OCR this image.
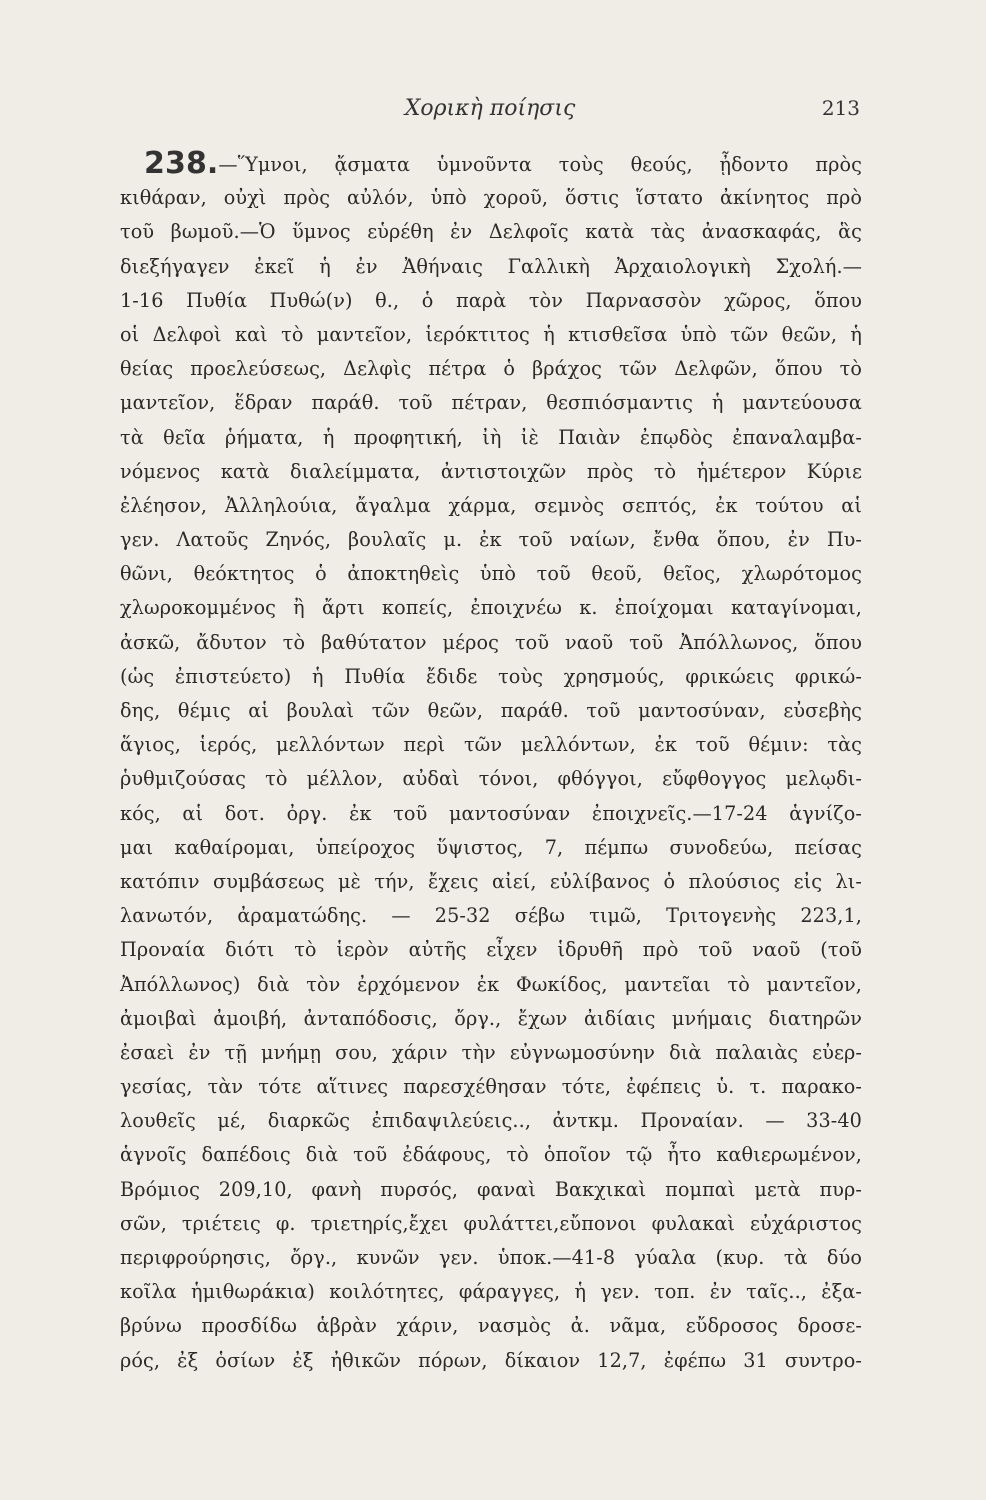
Χορικὴ ποίησις	213
238.—Ὕμνοι, ᾄσματα ὑμνοῦντα τοὺς θεούς, ᾖδοντο πρὸς
κιθάραν, οὐχὶ πρὸς αὐλόν, ὑπὸ χοροῦ, ὅστις ἵστατο ἀκίνητος πρὸ
τοῦ βωμοῦ.—Ὁ ὕμνος εὑρέθη ἐν Δελφοῖς κατὰ τὰς ἀνασκαφάς, ἃς
διεξήγαγεν ἐκεῖ ἡ ἐν Ἀθήναις Γαλλικὴ Ἀρχαιολογικὴ Σχολή.—
1-16 Πυθία Πυθώ(ν) θ., ὁ παρὰ τὸν Παρνασσὸν χῶρος, ὅπου
οἱ Δελφοὶ καὶ τὸ μαντεῖον, ἱερόκτιτος ἡ κτισθεῖσα ὑπὸ τῶν θεῶν, ἡ
θείας προελεύσεως, Δελφὶς πέτρα ὁ βράχος τῶν Δελφῶν, ὅπου τὸ
μαντεῖον, ἕδραν παράθ. τοῦ πέτραν, θεσπιόσμαντις ἡ μαντεύουσα
τὰ θεῖα ῥήματα, ἡ προφητική, ἰὴ ἰὲ Παιὰν ἐπῳδὸς ἐπαναλαμβα-
νόμενος κατὰ διαλείμματα, ἀντιστοιχῶν πρὸς τὸ ἡμέτερον Κύριε
ἐλέησον, Ἀλληλούια, ἄγαλμα χάρμα, σεμνὸς σεπτός, ἐκ τούτου αἱ
γεν. Λατοῦς Ζηνός, βουλαῖς μ. ἐκ τοῦ ναίων, ἔνθα ὅπου, ἐν Πυ-
θῶνι, θεόκτητος ὁ ἀποκτηθεὶς ὑπὸ τοῦ θεοῦ, θεῖος, χλωρότομος
χλωροκομμένος ἢ ἄρτι κοπείς, ἐποιχνέω κ. ἐποίχομαι καταγίνομαι,
ἀσκῶ, ἄδυτον τὸ βαθύτατον μέρος τοῦ ναοῦ τοῦ Ἀπόλλωνος, ὅπου
(ὡς ἐπιστεύετο) ἡ Πυθία ἔδιδε τοὺς χρησμούς, φρικώεις φρικώ-
δης, θέμις αἱ βουλαὶ τῶν θεῶν, παράθ. τοῦ μαντοσύναν, εὐσεβὴς
ἅγιος, ἱερός, μελλόντων περὶ τῶν μελλόντων, ἐκ τοῦ θέμιν: τὰς
ῥυθμιζούσας τὸ μέλλον, αὐδαὶ τόνοι, φθόγγοι, εὔφθογγος μελῳδι-
κός, αἱ δοτ. ὀργ. ἐκ τοῦ μαντοσύναν ἐποιχνεῖς.—17-24 ἁγνίζο-
μαι καθαίρομαι, ὑπείροχος ὕψιστος, 7, πέμπω συνοδεύω, πείσας
κατόπιν συμβάσεως μὲ τήν, ἔχεις αἰεί, εὐλίβανος ὁ πλούσιος εἰς λι-
λανωτόν, ἀραματώδης. — 25-32 σέβω τιμῶ, Τριτογενὴς 223,1,
Προναία διότι τὸ ἱερὸν αὐτῆς εἶχεν ἱδρυθῆ πρὸ τοῦ ναοῦ (τοῦ
Ἀπόλλωνος) διὰ τὸν ἐρχόμενον ἐκ Φωκίδος, μαντεῖαι τὸ μαντεῖον,
ἀμοιβαὶ ἀμοιβή, ἀνταπόδοσις, ὄργ., ἔχων ἀιδίαις μνήμαις διατηρῶν
ἐσαεὶ ἐν τῇ μνήμῃ σου, χάριν τὴν εὐγνωμοσύνην διὰ παλαιὰς εὐερ-
γεσίας, τὰν τότε αἵτινες παρεσχέθησαν τότε, ἐφέπεις ὑ. τ. παρακο-
λουθεῖς μέ, διαρκῶς ἐπιδαψιλεύεις.., ἀντκμ. Προναίαν. — 33-40
ἁγνοῖς δαπέδοις διὰ τοῦ ἐδάφους, τὸ ὁποῖον τῷ ἦτο καθιερωμένον,
Βρόμιος 209,10, φανὴ πυρσός, φαναὶ Βακχικαὶ πομπαὶ μετὰ πυρ-
σῶν, τριέτεις φ. τριετηρίς,ἔχει φυλάττει,εὔπονοι φυλακαὶ εὐχάριστος
περιφρούρησις, ὄργ., κυνῶν γεν. ὑποκ.—41-8 γύαλα (κυρ. τὰ δύο
κοῖλα ἡμιθωράκια) κοιλότητες, φάραγγες, ἡ γεν. τοπ. ἐν ταῖς.., ἐξα-
βρύνω προσδίδω ἁβρὰν χάριν, νασμὸς ἀ. νᾶμα, εὔδροσος δροσε-
ρός, ἐξ ὁσίων ἐξ ἠθικῶν πόρων, δίκαιον 12,7, ἐφέπω 31 συντρο-
